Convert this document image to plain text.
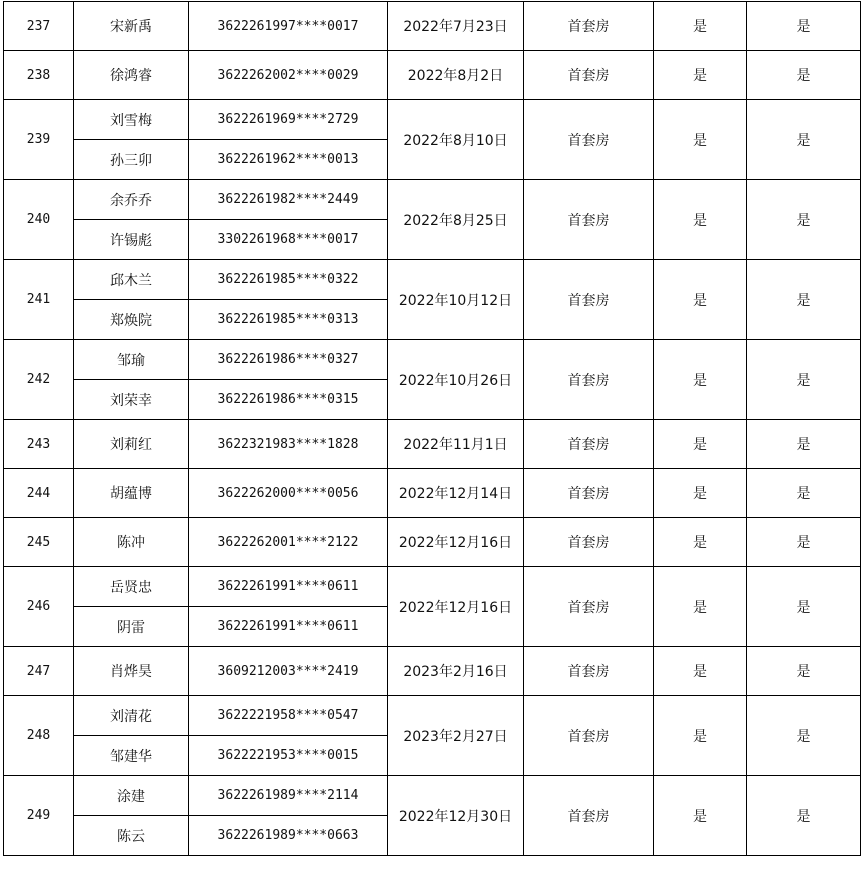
237	宋新禹	3622261997****0017	2022年7月23日	首套房	是	是
238	徐鸿睿	3622262002****0029	2022年8月2日	首套房	是	是
239	刘雪梅	3622261969****2729	2022年8月10日	首套房	是	是
	孙三卯	3622261962****0013				
240	余乔乔	3622261982****2449	2022年8月25日	首套房	是	是
	许锡彪	3302261968****0017				
241	邱木兰	3622261985****0322	2022年10月12日	首套房	是	是
	郑焕院	3622261985****0313				
242	邹瑜	3622261986****0327	2022年10月26日	首套房	是	是
	刘荣幸	3622261986****0315				
243	刘莉红	3622321983****1828	2022年11月1日	首套房	是	是
244	胡蕴博	3622262000****0056	2022年12月14日	首套房	是	是
245	陈冲	3622262001****2122	2022年12月16日	首套房	是	是
246	岳贤忠	3622261991****0611	2022年12月16日	首套房	是	是
	阴雷	3622261991****0611				
247	肖烨昊	3609212003****2419	2023年2月16日	首套房	是	是
248	刘清花	3622221958****0547	2023年2月27日	首套房	是	是
	邹建华	3622221953****0015				
249	涂建	3622261989****2114	2022年12月30日	首套房	是	是
	陈云	3622261989****0663				
